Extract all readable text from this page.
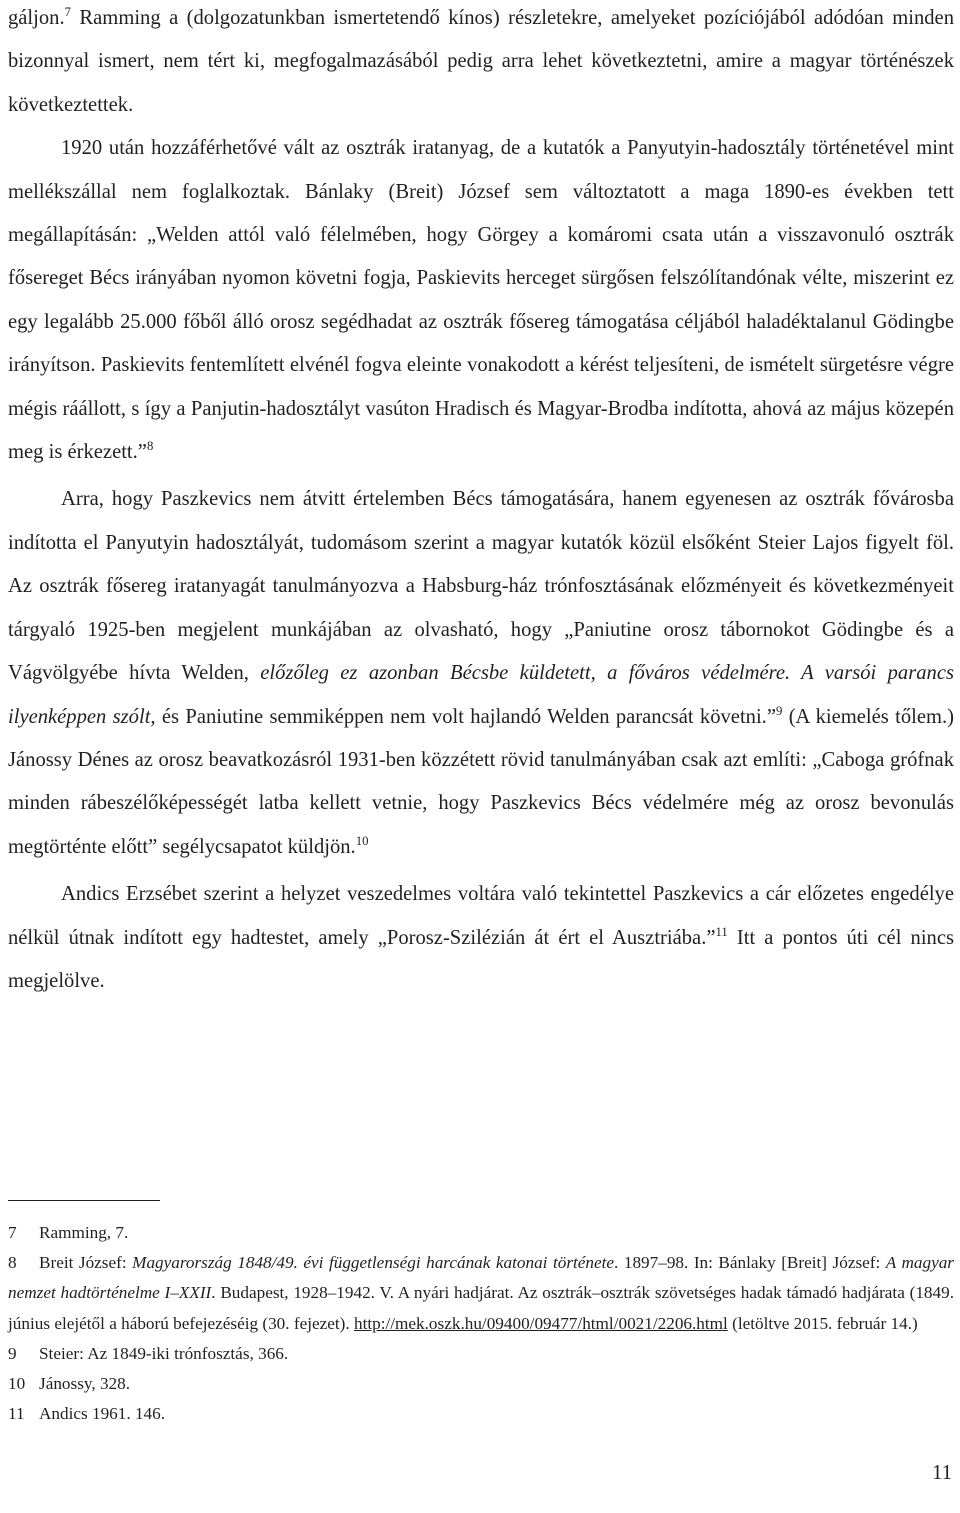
gáljon.$^7$ Ramming a (dolgozatunkban ismertetendő kínos) részletekre, amelyeket pozíciójából adódóan minden bizonnyal ismert, nem tért ki, megfogalmazásából pedig arra lehet következtetni, amire a magyar történészek következtettek.

1920 után hozzáférhetővé vált az osztrák iratanyag, de a kutatók a Panyutyin-hadosztály történetével mint mellékszállal nem foglalkoztak. Bánlaky (Breit) József sem változtatott a maga 1890-es években tett megállapításán: „Welden attól való félelmében, hogy Görgey a komáromi csata után a visszavonuló osztrák fősereget Bécs irányában nyomon követni fogja, Paskievits herceget sürgősen felszólítandónak vélte, miszerint ez egy legalább 25.000 főből álló orosz segédhadat az osztrák fősereg támogatása céljából haladéktalanul Gödingbe irányítson. Paskievits fentemlített elvénél fogva eleinte vonakodott a kérést teljesíteni, de ismételt sürgetésre végre mégis ráállott, s így a Panjutin-hadosztályt vasúton Hradisch és Magyar-Brodba indította, ahová az május közepén meg is érkezett.”$^8$

Arra, hogy Paszkevics nem átvitt értelemben Bécs támogatására, hanem egyenesen az osztrák fővárosba indította el Panyutyin hadosztályát, tudomásom szerint a magyar kutatók közül elsőként Steier Lajos figyelt föl. Az osztrák fősereg iratanyagát tanulmányozva a Habsburg-ház trónfosztásának előzményeit és következményeit tárgyaló 1925-ben megjelent munkájában az olvasható, hogy „Paniutine orosz tábornokot Gödingbe és a Vágvölgyébe hívta Welden, előzőleg ez azonban Bécsbe küldetett, a főváros védelmére. A varsói parancs ilyenképpen szólt, és Paniutine semmiképpen nem volt hajlandó Welden parancsát követni.”$^9$ (A kiemelés tőlem.) Jánossy Dénes az orosz beavatkozásról 1931-ben közzétett rövid tanulmányában csak azt említi: „Caboga grófnak minden rábeszélőképességét latba kellett vetnie, hogy Paszkevics Bécs védelmére még az orosz bevonulás megtörténte előtt” segélycsapatot küldjön.$^{10}$

Andics Erzsébet szerint a helyzet veszedelmes voltára való tekintettel Paszkevics a cár előzetes engedélye nélkül útnak indított egy hadtestet, amely „Porosz-Szilézián át ért el Ausztriába.”$^{11}$ Itt a pontos úti cél nincs megjelölve.

7 Ramming, 7.

8 Breit József: Magyarország 1848/49. évi függetlenségi harcának katonai története. 1897–98. In: Bánlaky [Breit] József: A magyar nemzet hadtörténelme I–XXII. Budapest, 1928–1942. V. A nyári hadjárat. Az osztrák–osztrák szövetséges hadak támadó hadjárata (1849. június elejétől a háború befejezéséig (30. fejezet). http://mek.oszk.hu/09400/09477/html/0021/2206.html (letöltve 2015. február 14.)

9 Steier: Az 1849-iki trónfosztás, 366.

10 Jánossy, 328.

11 Andics 1961. 146.

11
